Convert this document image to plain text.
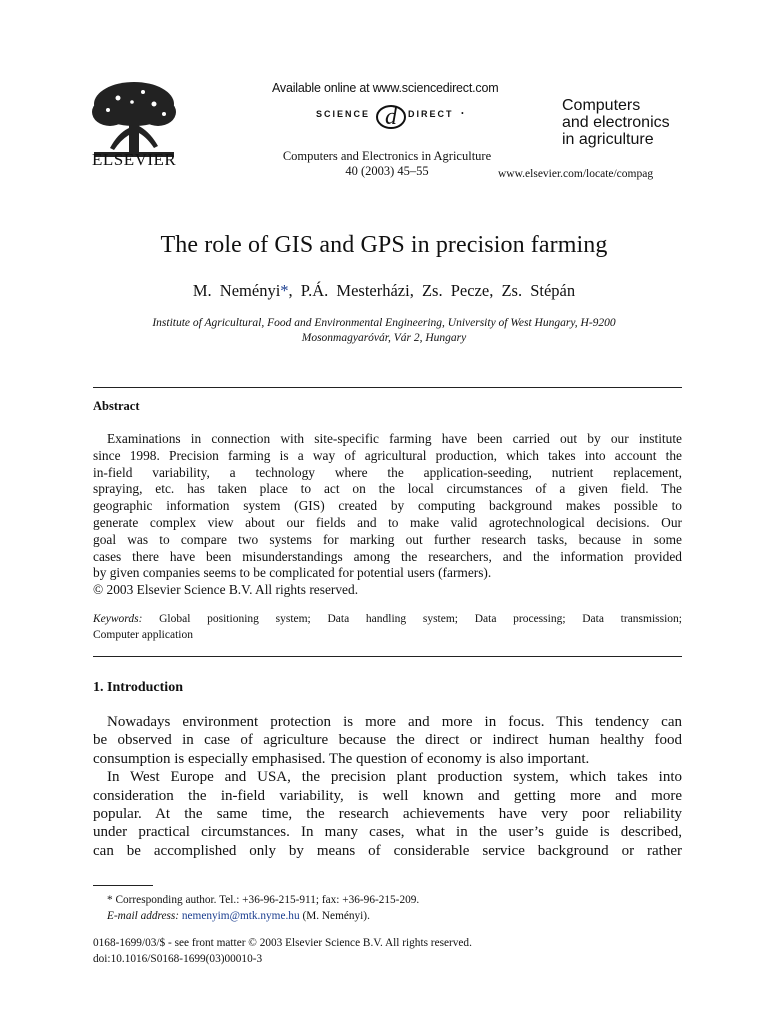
ELSEVIER
Available online at www.sciencedirect.com
SCIENCE d DIRECT •
Computers and Electronics in Agriculture
40 (2003) 45–55
Computers
and electronics
in agriculture
www.elsevier.com/locate/compag
The role of GIS and GPS in precision farming
M. Neményi*, P.Á. Mesterházi, Zs. Pecze, Zs. Stépán
Institute of Agricultural, Food and Environmental Engineering, University of West Hungary, H-9200
Mosonmagyaróvár, Vár 2, Hungary
Abstract
Examinations in connection with site-specific farming have been carried out by our institute
since 1998. Precision farming is a way of agricultural production, which takes into account the
in-field variability, a technology where the application-seeding, nutrient replacement,
spraying, etc. has taken place to act on the local circumstances of a given field. The
geographic information system (GIS) created by computing background makes possible to
generate complex view about our fields and to make valid agrotechnological decisions. Our
goal was to compare two systems for marking out further research tasks, because in some
cases there have been misunderstandings among the researchers, and the information provided
by given companies seems to be complicated for potential users (farmers).
© 2003 Elsevier Science B.V. All rights reserved.
Keywords: Global positioning system; Data handling system; Data processing; Data transmission;
Computer application
1. Introduction
Nowadays environment protection is more and more in focus. This tendency can
be observed in case of agriculture because the direct or indirect human healthy food
consumption is especially emphasised. The question of economy is also important.
In West Europe and USA, the precision plant production system, which takes into
consideration the in-field variability, is well known and getting more and more
popular. At the same time, the research achievements have very poor reliability
under practical circumstances. In many cases, what in the user’s guide is described,
can be accomplished only by means of considerable service background or rather
* Corresponding author. Tel.: +36-96-215-911; fax: +36-96-215-209.
E-mail address: nemenyim@mtk.nyme.hu (M. Neményi).
0168-1699/03/$ - see front matter © 2003 Elsevier Science B.V. All rights reserved.
doi:10.1016/S0168-1699(03)00010-3
